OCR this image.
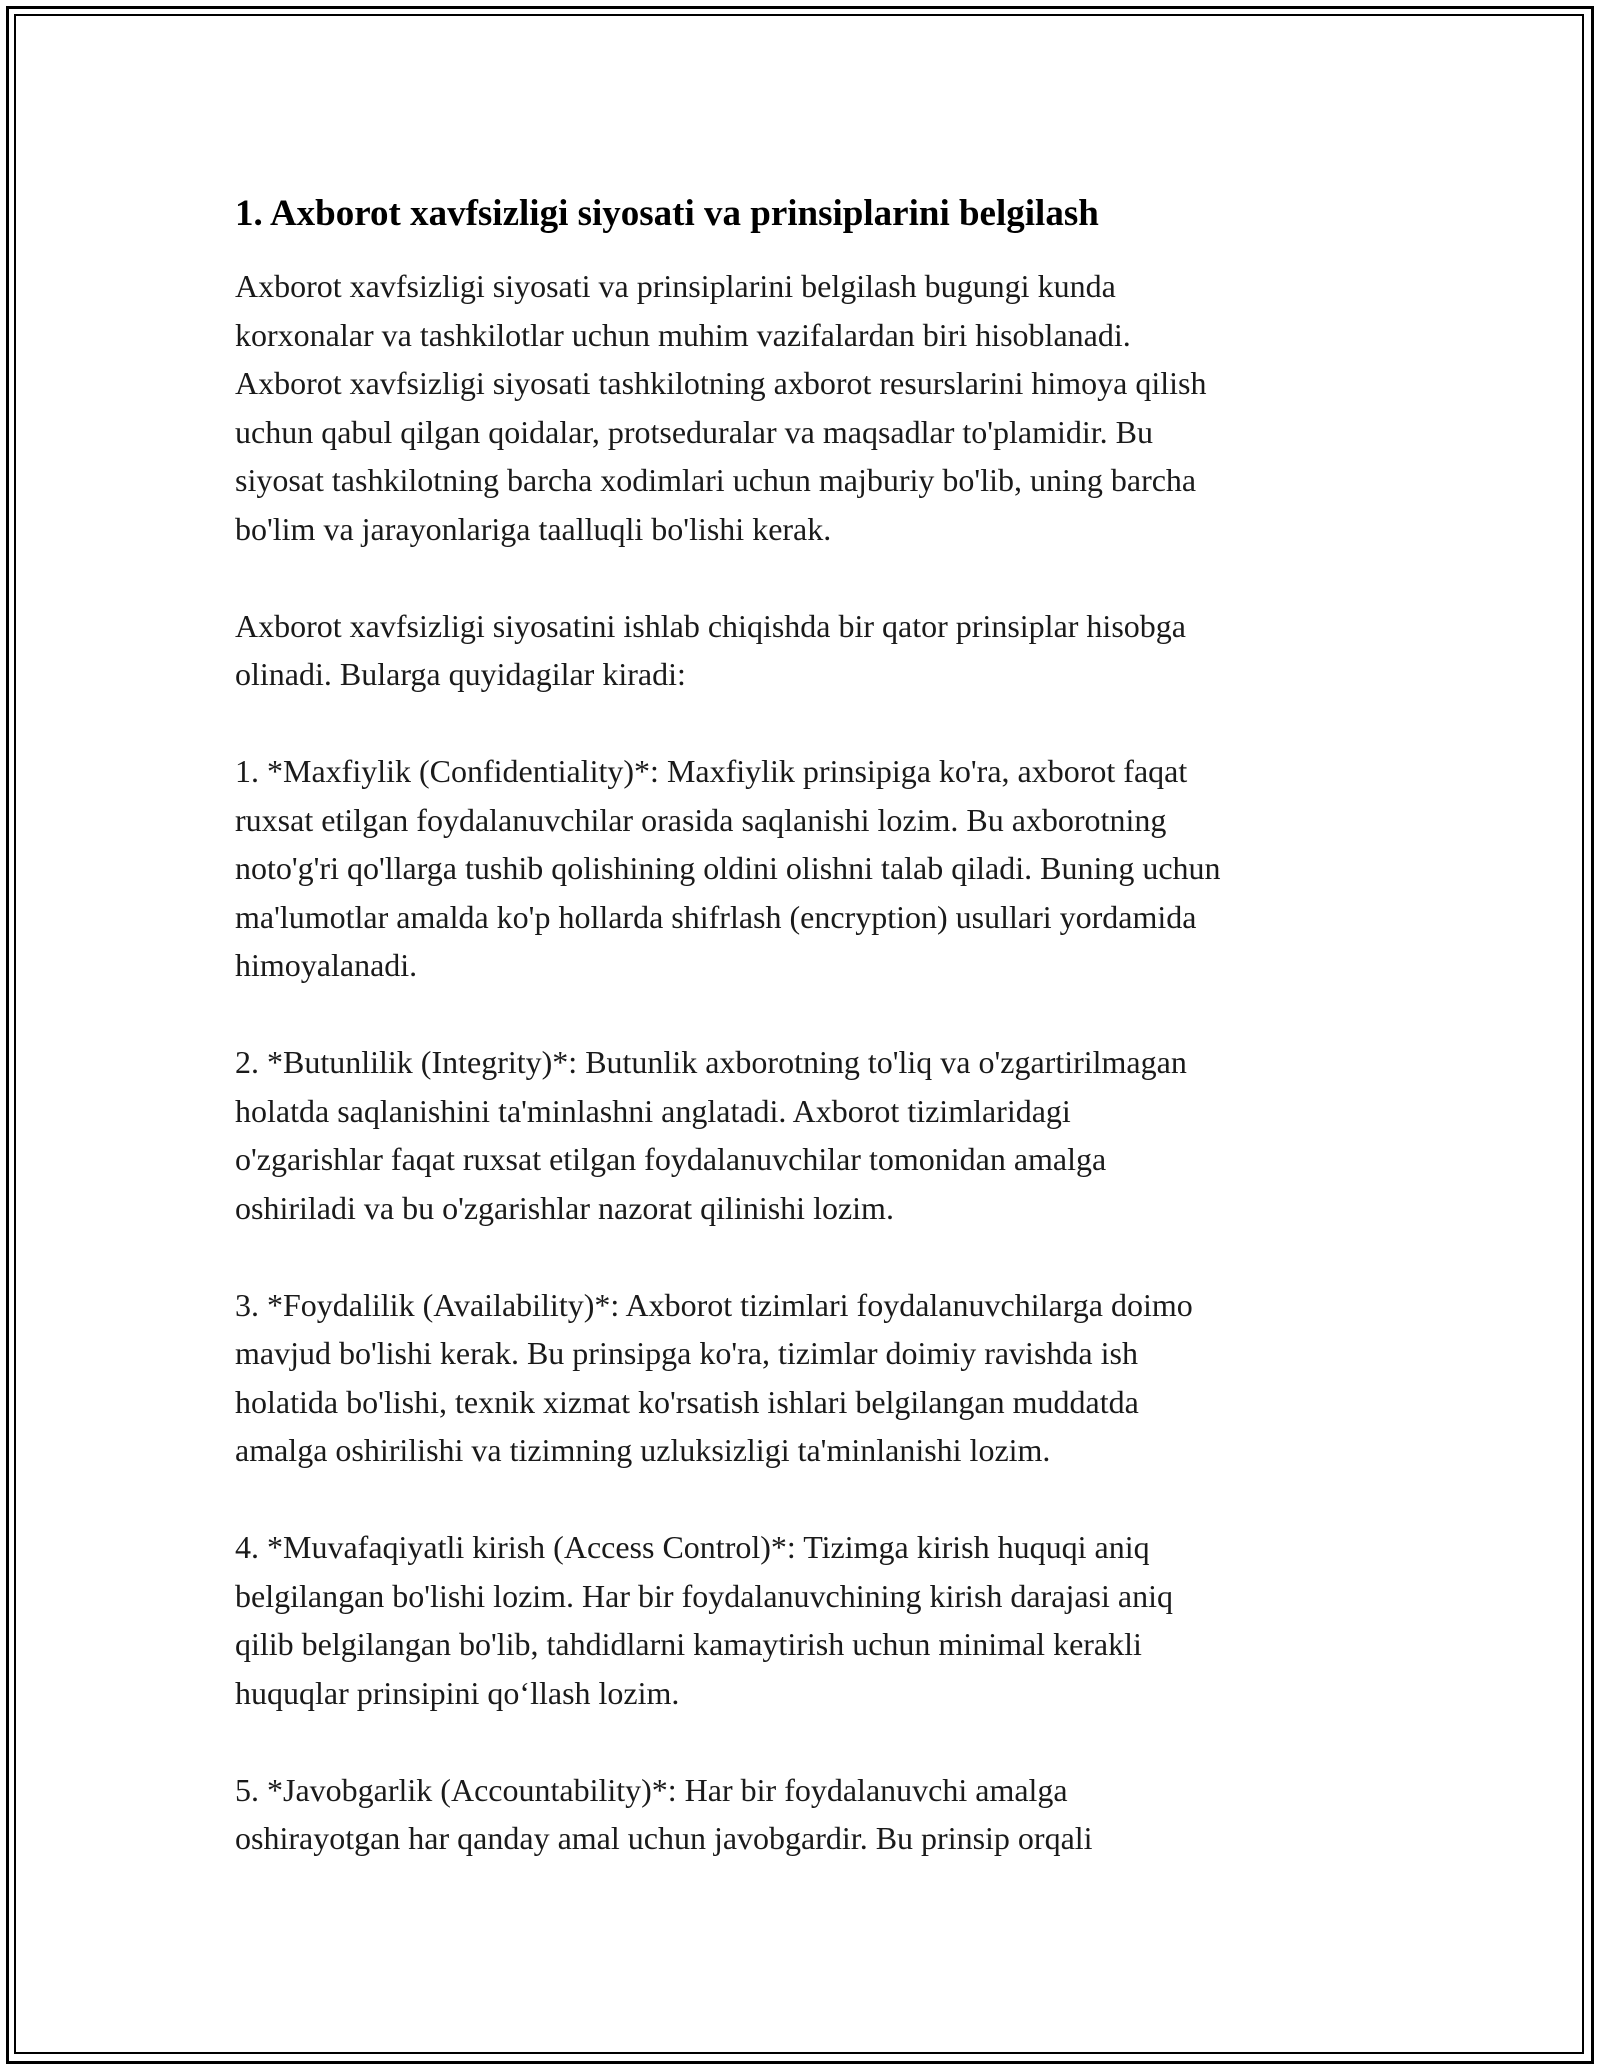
1. Axborot xavfsizligi siyosati va prinsiplarini belgilash

Axborot xavfsizligi siyosati va prinsiplarini belgilash bugungi kunda
korxonalar va tashkilotlar uchun muhim vazifalardan biri hisoblanadi.
Axborot xavfsizligi siyosati tashkilotning axborot resurslarini himoya qilish
uchun qabul qilgan qoidalar, protseduralar va maqsadlar to'plamidir. Bu
siyosat tashkilotning barcha xodimlari uchun majburiy bo'lib, uning barcha
bo'lim va jarayonlariga taalluqli bo'lishi kerak.

Axborot xavfsizligi siyosatini ishlab chiqishda bir qator prinsiplar hisobga
olinadi. Bularga quyidagilar kiradi:

1. *Maxfiylik (Confidentiality)*: Maxfiylik prinsipiga ko'ra, axborot faqat
ruxsat etilgan foydalanuvchilar orasida saqlanishi lozim. Bu axborotning
noto'g'ri qo'llarga tushib qolishining oldini olishni talab qiladi. Buning uchun
ma'lumotlar amalda ko'p hollarda shifrlash (encryption) usullari yordamida
himoyalanadi.

2. *Butunlilik (Integrity)*: Butunlik axborotning to'liq va o'zgartirilmagan
holatda saqlanishini ta'minlashni anglatadi. Axborot tizimlaridagi
o'zgarishlar faqat ruxsat etilgan foydalanuvchilar tomonidan amalga
oshiriladi va bu o'zgarishlar nazorat qilinishi lozim.

3. *Foydalilik (Availability)*: Axborot tizimlari foydalanuvchilarga doimo
mavjud bo'lishi kerak. Bu prinsipga ko'ra, tizimlar doimiy ravishda ish
holatida bo'lishi, texnik xizmat ko'rsatish ishlari belgilangan muddatda
amalga oshirilishi va tizimning uzluksizligi ta'minlanishi lozim.

4. *Muvafaqiyatli kirish (Access Control)*: Tizimga kirish huquqi aniq
belgilangan bo'lishi lozim. Har bir foydalanuvchining kirish darajasi aniq
qilib belgilangan bo'lib, tahdidlarni kamaytirish uchun minimal kerakli
huquqlar prinsipini qo‘llash lozim.

5. *Javobgarlik (Accountability)*: Har bir foydalanuvchi amalga
oshirayotgan har qanday amal uchun javobgardir. Bu prinsip orqali
